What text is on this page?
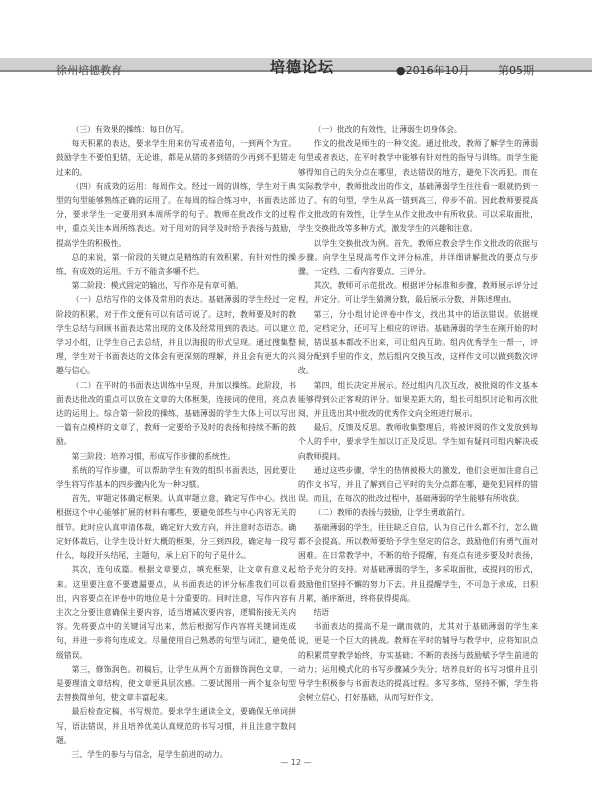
徐州培德教育	培德论坛	●2016年10月	第05期

（三）有效果的操练：每日仿写。

每天积累的表达，要求学生用来仿写或者造句，一到两个为宜。鼓励学生不要怕犯错，无论谁，都是从错的多到错的少再到不犯错走过来的。

（四）有成效的运用：每周作文。经过一周的训练，学生对于典型的句型能够熟练正确的运用了。在每周的综合练习中，书面表达部分，要求学生一定要用到本周所学的句子。教师在批改作文的过程中，重点关注本周所练表达。对于用对的同学及时给予表扬与鼓励，提高学生的积极性。

总的来说，第一阶段的关键点是精练的有效积累、有针对性的操练、有成效的运用。千万不能贪多嚼不烂。

第二阶段：模式固定的输出，写作亦是有章可循。

（一）总结写作的文体及常用的表达。基础薄弱的学生经过一定阶段的积累，对于作文便有可以有话可说了。这时，教师要及时的教学生总结与回顾书面表达常出现的文体及经常用到的表达。可以建立学习小组，让学生自己去总结，并且以海报的形式呈现。通过搜集整理，学生对于书面表达的文体会有更深刻的理解，并且会有更大的兴趣与信心。

（二）在平时的书面表达训练中呈现，并加以操练。此阶段，书面表达批改的重点可以放在文章的大体框架，连接词的使用，亮点表达的运用上。综合第一阶段的操练，基础薄弱的学生大体上可以写出一篇有点模样的文章了，教师一定要给予及时的表扬和持续不断的鼓励。

第三阶段：培养习惯，形成写作步骤的系统性。

系统的写作步骤，可以帮助学生有效的组织书面表达，因此要让学生将写作基本的四步骤内化为一种习惯。

首先，审题定体确定框架。认真审题立意，确定写作中心。找出根据这个中心能够扩展的材料有哪些，要避免部些与中心内容无关的细节。此时应认真审清体裁，确定好大致方向，并注意时态语态。确定好体裁后，让学生设计好大概的框架，分三到四段，确定每一段写什么，每段开头结尾，主题句，承上启下的句子是什么。

其次，连句成篇。根据文章要点，填充框架，让文章有意义起来。这里要注意不要遗漏要点，从书面表达的评分标准我们可以看出，内容要点在评卷中的地位是十分重要的。同时注意，写作内容有主次之分要注意确保主要内容，适当增减次要内容，逻辑衔接无关内容。先将要点中的关键词写出来，然后根据写作内容将关键词连成句，并进一步将句连成文。尽量使用自己熟悉的句型与词汇，避免低级错误。

第三，修饰润色。初稿后，让学生从两个方面修饰润色文章，一是要理清文章结构，使文章更具层次感。二要试图用一两个复杂句型去替换简单句，使文章丰富起来。

最后检查定稿，书写规范。要求学生通读全文，要确保无单词拼写，语法错误，并且培养优美认真规范的书写习惯，并且注意字数问题。

三、学生的参与与信念，是学生前进的动力。

（一）批改的有效性，让薄弱生切身体会。

作文的批改是师生的一种交流。通过批改，教师了解学生的薄弱句型或者表达，在平时教学中能够有针对性的指导与训练。而学生能够得知自己的失分点在哪里，表达错误的地方，避免下次再犯。而在实际教学中，教师批改出的作文，基础薄弱学生往往看一眼就扔到一边了。有的句型，学生从高一错到高三，停步不前。因此教师要提高作文批改的有效性，让学生从作文批改中有所收获。可以采取面批，学生交换批改等多种方式，激发学生的兴趣和注意。

以学生交换批改为例。首先，教师应教会学生作文批改的依据与步骤。向学生呈现高考作文评分标准，并详细讲解批改的要点与步骤。一定档、二看内容要点、三评分。

其次，教师可示范批改。根据评分标准和步骤，教师展示评分过程，并定分。可让学生猜测分数，最后展示分数，并陈述理由。

第三，分小组讨论评卷中作文，找出其中的语法错误。依据规范，定档定分，还可写上相应的评语。基础薄弱的学生在刚开始的时候，错误基本都改不出来，可让组内互助。组内优秀学生一帮一，评阅分配到手里的作文，然后组内交换互改，这样作文可以做到数次评改。

第四，组长决定并展示。经过组内几次互改，被批阅的作文基本能够得到公正客观的评分。如果差距大的，组长可组织讨论和再次批阅，并且选出其中批改的优秀作文向全班进行展示。

最后，反馈及反思。教师收集整理后，将被评阅的作文发放到每个人的手中，要求学生加以订正及反思。学生如有疑问可组内解决或向教师提问。

通过这些步骤，学生的热情被极大的激发，他们会更加注意自己的作文书写，并且了解到自己平时的失分点都在哪，避免犯同样的错误。而且，在每次的批改过程中，基础薄弱的学生能够有所收获。

（二）教师的表扬与鼓励，让学生勇敢前行。

基础薄弱的学生，往往缺乏自信，认为自己什么都不行，怎么做都不会提高。所以教师要给予学生坚定的信念，鼓励他们有勇气面对困难。在日常教学中，不断的给予提醒，有亮点有进步要及时表扬，给予充分的支持。对基础薄弱的学生，多采取面批，或提问的形式，鼓励他们坚持不懈的努力下去。并且提醒学生，不可急于求成，日积月累，循序渐进，终将获得提高。

结语

书面表达的提高不是一蹴而就的，尤其对于基础薄弱的学生来说，更是一个巨大的挑战。教师在平时的辅导与教学中，应将知识点的积累贯穿教学始终，夯实基础；不断的表扬与鼓励赋予学生前进的动力；运用模式化的书写步骤减少失分；培养良好的书写习惯并且引导学生积极参与书面表达的提高过程。多写多练，坚持不懈，学生将会树立信心，打好基础，从而写好作文。

— 12 —
